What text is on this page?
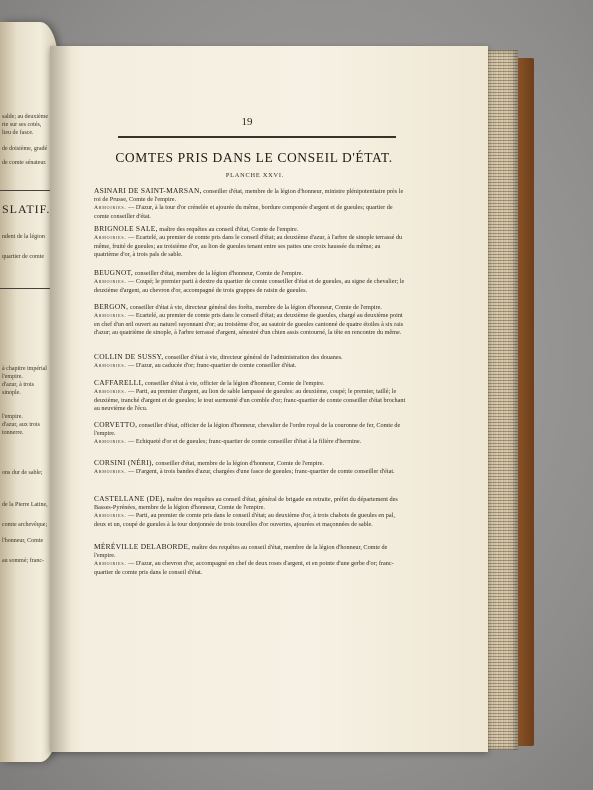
salde; au deuxième
rte sur ses cotés,
lieu de fasce.
de doisième, gradé
de comte sénateur.
SLATIF.
ndent de la légion
quartier de comte
à chapitre impérial
l'empire.
d'azur, à trois
sinople.
l'empire.
d'azur, aux trois
tonnerre.
ons dur de sable;
de la Pierre Latine,
comte archevêque;
l'honneur, Comte
au sommé; franc-
19
COMTES PRIS DANS LE CONSEIL D'ÉTAT.
PLANCHE XXVI.
ASINARI DE SAINT-MARSAN, conseiller d'état, membre de la légion d'honneur, ministre plénipotentiaire près le roi de Prusse, Comte de l'empire.
Armoiries. — D'azur, à la tour d'or crénelée et ajourée du même, bordure componée d'argent et de gueules; quartier de comte conseiller d'état.
BRIGNOLE SALE, maître des requêtes au conseil d'état, Comte de l'empire.
Armoiries. — Ecartelé, au premier de comte pris dans le conseil d'état; au deuxième d'azur, à l'arbre de sinople terrassé du même, fruité de gueules; au troisième d'or, au lion de gueules tenant entre ses pattes une croix haussée du même; au quatrième d'or, à trois pals de sable.
BEUGNOT, conseiller d'état, membre de la légion d'honneur, Comte de l'empire.
Armoiries. — Coupé; le premier parti à dextre du quartier de comte conseiller d'état et de gueules, au signe de chevalier; le deuxième d'argent, au chevron d'or, accompagné de trois grappes de raisin de gueules.
BERGON, conseiller d'état à vie, directeur général des forêts, membre de la légion d'honneur, Comte de l'empire.
Armoiries. — Ecartelé, au premier de comte pris dans le conseil d'état; au deuxième de gueules, chargé au deuxième point en chef d'un œil ouvert au naturel rayonnant d'or; au troisième d'or, au sautoir de gueules cantonné de quatre étoiles à six rais d'azur; au quatrième de sinople, à l'arbre terrassé d'argent, sénestré d'un chien assis contourné, la tête en rencontre du même.
COLLIN DE SUSSY, conseiller d'état à vie, directeur général de l'administration des douanes.
Armoiries. — D'azur, au caducée d'or; franc-quartier de comte conseiller d'état.
CAFFARELLI, conseiller d'état à vie, officier de la légion d'honneur, Comte de l'empire.
Armoiries. — Parti, au premier d'argent, au lion de sable lampassé de gueules: au deuxième, coupé; le premier, taillé; le deuxième, tranché d'argent et de gueules; le tout surmonté d'un comble d'or; franc-quartier de comte conseiller d'état brochant au neuvième de l'écu.
CORVETTO, conseiller d'état, officier de la légion d'honneur, chevalier de l'ordre royal de la couronne de fer, Comte de l'empire.
Armoiries. — Echiqueté d'or et de gueules; franc-quartier de comte conseiller d'état à la filière d'hermine.
CORSINI (NÉRI), conseiller d'état, membre de la légion d'honneur, Comte de l'empire.
Armoiries. — D'argent, à trois bandes d'azur, chargées d'une fasce de gueules; franc-quartier de comte conseiller d'état.
CASTELLANE (DE), maître des requêtes au conseil d'état, général de brigade en retraite, préfet du département des Basses-Pyrénées, membre de la légion d'honneur, Comte de l'empire.
Armoiries. — Parti, au premier de comte pris dans le conseil d'état; au deuxième d'or, à trois chabots de gueules en pal, deux et un, coupé de gueules à la tour donjonnée de trois tourelles d'or ouvertes, ajourées et maçonnées de sable.
MÉRÉVILLE DELABORDE, maître des requêtes au conseil d'état, membre de la légion d'honneur, Comte de l'empire.
Armoiries. — D'azur, au chevron d'or, accompagné en chef de deux roses d'argent, et en pointe d'une gerbe d'or; franc-quartier de comte pris dans le conseil d'état.
